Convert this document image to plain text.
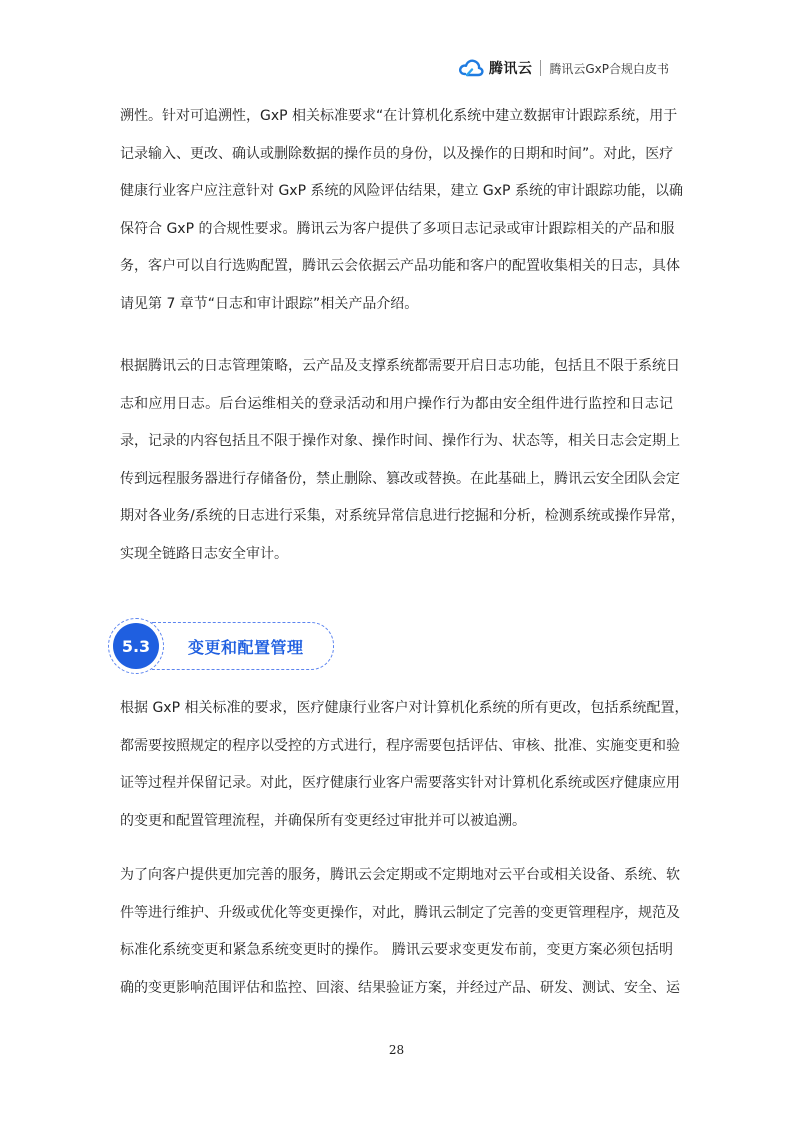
腾讯云 腾讯云GxP合规白皮书
溯性。针对可追溯性，GxP 相关标准要求“在计算机化系统中建立数据审计跟踪系统，用于
记录输入、更改、确认或删除数据的操作员的身份，以及操作的日期和时间”。对此，医疗
健康行业客户应注意针对 GxP 系统的风险评估结果，建立 GxP 系统的审计跟踪功能，以确
保符合 GxP 的合规性要求。腾讯云为客户提供了多项日志记录或审计跟踪相关的产品和服
务，客户可以自行选购配置，腾讯云会依据云产品功能和客户的配置收集相关的日志，具体
请见第 7 章节“日志和审计跟踪”相关产品介绍。
根据腾讯云的日志管理策略，云产品及支撑系统都需要开启日志功能，包括且不限于系统日
志和应用日志。后台运维相关的登录活动和用户操作行为都由安全组件进行监控和日志记
录，记录的内容包括且不限于操作对象、操作时间、操作行为、状态等，相关日志会定期上
传到远程服务器进行存储备份，禁止删除、篡改或替换。在此基础上，腾讯云安全团队会定
期对各业务/系统的日志进行采集，对系统异常信息进行挖掘和分析，检测系统或操作异常，
实现全链路日志安全审计。
5.3	变更和配置管理
根据 GxP 相关标准的要求，医疗健康行业客户对计算机化系统的所有更改，包括系统配置，
都需要按照规定的程序以受控的方式进行，程序需要包括评估、审核、批准、实施变更和验
证等过程并保留记录。对此，医疗健康行业客户需要落实针对计算机化系统或医疗健康应用
的变更和配置管理流程，并确保所有变更经过审批并可以被追溯。
为了向客户提供更加完善的服务，腾讯云会定期或不定期地对云平台或相关设备、系统、软
件等进行维护、升级或优化等变更操作，对此，腾讯云制定了完善的变更管理程序，规范及
标准化系统变更和紧急系统变更时的操作。 腾讯云要求变更发布前，变更方案必须包括明
确的变更影响范围评估和监控、回滚、结果验证方案，并经过产品、研发、测试、安全、运
28
